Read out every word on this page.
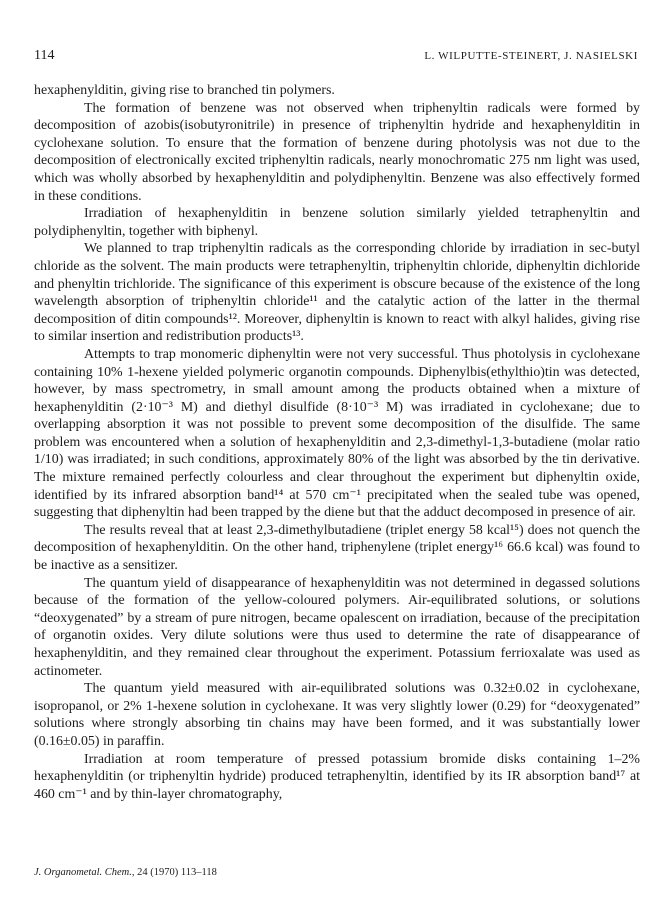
114	L. WILPUTTE-STEINERT, J. NASIELSKI

hexaphenylditin, giving rise to branched tin polymers.

The formation of benzene was not observed when triphenyltin radicals were formed by decomposition of azobis(isobutyronitrile) in presence of triphenyltin hydride and hexaphenylditin in cyclohexane solution. To ensure that the formation of benzene during photolysis was not due to the decomposition of electronically excited triphenyltin radicals, nearly monochromatic 275 nm light was used, which was wholly absorbed by hexaphenylditin and polydiphenyltin. Benzene was also effectively formed in these conditions.

Irradiation of hexaphenylditin in benzene solution similarly yielded tetraphenyltin and polydiphenyltin, together with biphenyl.

We planned to trap triphenyltin radicals as the corresponding chloride by irradiation in sec-butyl chloride as the solvent. The main products were tetraphenyltin, triphenyltin chloride, diphenyltin dichloride and phenyltin trichloride. The significance of this experiment is obscure because of the existence of the long wavelength absorption of triphenyltin chloride¹¹ and the catalytic action of the latter in the thermal decomposition of ditin compounds¹². Moreover, diphenyltin is known to react with alkyl halides, giving rise to similar insertion and redistribution products¹³.

Attempts to trap monomeric diphenyltin were not very successful. Thus photolysis in cyclohexane containing 10% 1-hexene yielded polymeric organotin compounds. Diphenylbis(ethylthio)tin was detected, however, by mass spectrometry, in small amount among the products obtained when a mixture of hexaphenylditin (2·10⁻³ M) and diethyl disulfide (8·10⁻³ M) was irradiated in cyclohexane; due to overlapping absorption it was not possible to prevent some decomposition of the disulfide. The same problem was encountered when a solution of hexaphenylditin and 2,3-dimethyl-1,3-butadiene (molar ratio 1/10) was irradiated; in such conditions, approximately 80% of the light was absorbed by the tin derivative. The mixture remained perfectly colourless and clear throughout the experiment but diphenyltin oxide, identified by its infrared absorption band¹⁴ at 570 cm⁻¹ precipitated when the sealed tube was opened, suggesting that diphenyltin had been trapped by the diene but that the adduct decomposed in presence of air.

The results reveal that at least 2,3-dimethylbutadiene (triplet energy 58 kcal¹⁵) does not quench the decomposition of hexaphenylditin. On the other hand, triphenylene (triplet energy¹⁶ 66.6 kcal) was found to be inactive as a sensitizer.

The quantum yield of disappearance of hexaphenylditin was not determined in degassed solutions because of the formation of the yellow-coloured polymers. Air-equilibrated solutions, or solutions “deoxygenated” by a stream of pure nitrogen, became opalescent on irradiation, because of the precipitation of organotin oxides. Very dilute solutions were thus used to determine the rate of disappearance of hexaphenylditin, and they remained clear throughout the experiment. Potassium ferrioxalate was used as actinometer.

The quantum yield measured with air-equilibrated solutions was 0.32±0.02 in cyclohexane, isopropanol, or 2% 1-hexene solution in cyclohexane. It was very slightly lower (0.29) for “deoxygenated” solutions where strongly absorbing tin chains may have been formed, and it was substantially lower (0.16±0.05) in paraffin.

Irradiation at room temperature of pressed potassium bromide disks containing 1–2% hexaphenylditin (or triphenyltin hydride) produced tetraphenyltin, identified by its IR absorption band¹⁷ at 460 cm⁻¹ and by thin-layer chromatography,

J. Organometal. Chem., 24 (1970) 113–118
